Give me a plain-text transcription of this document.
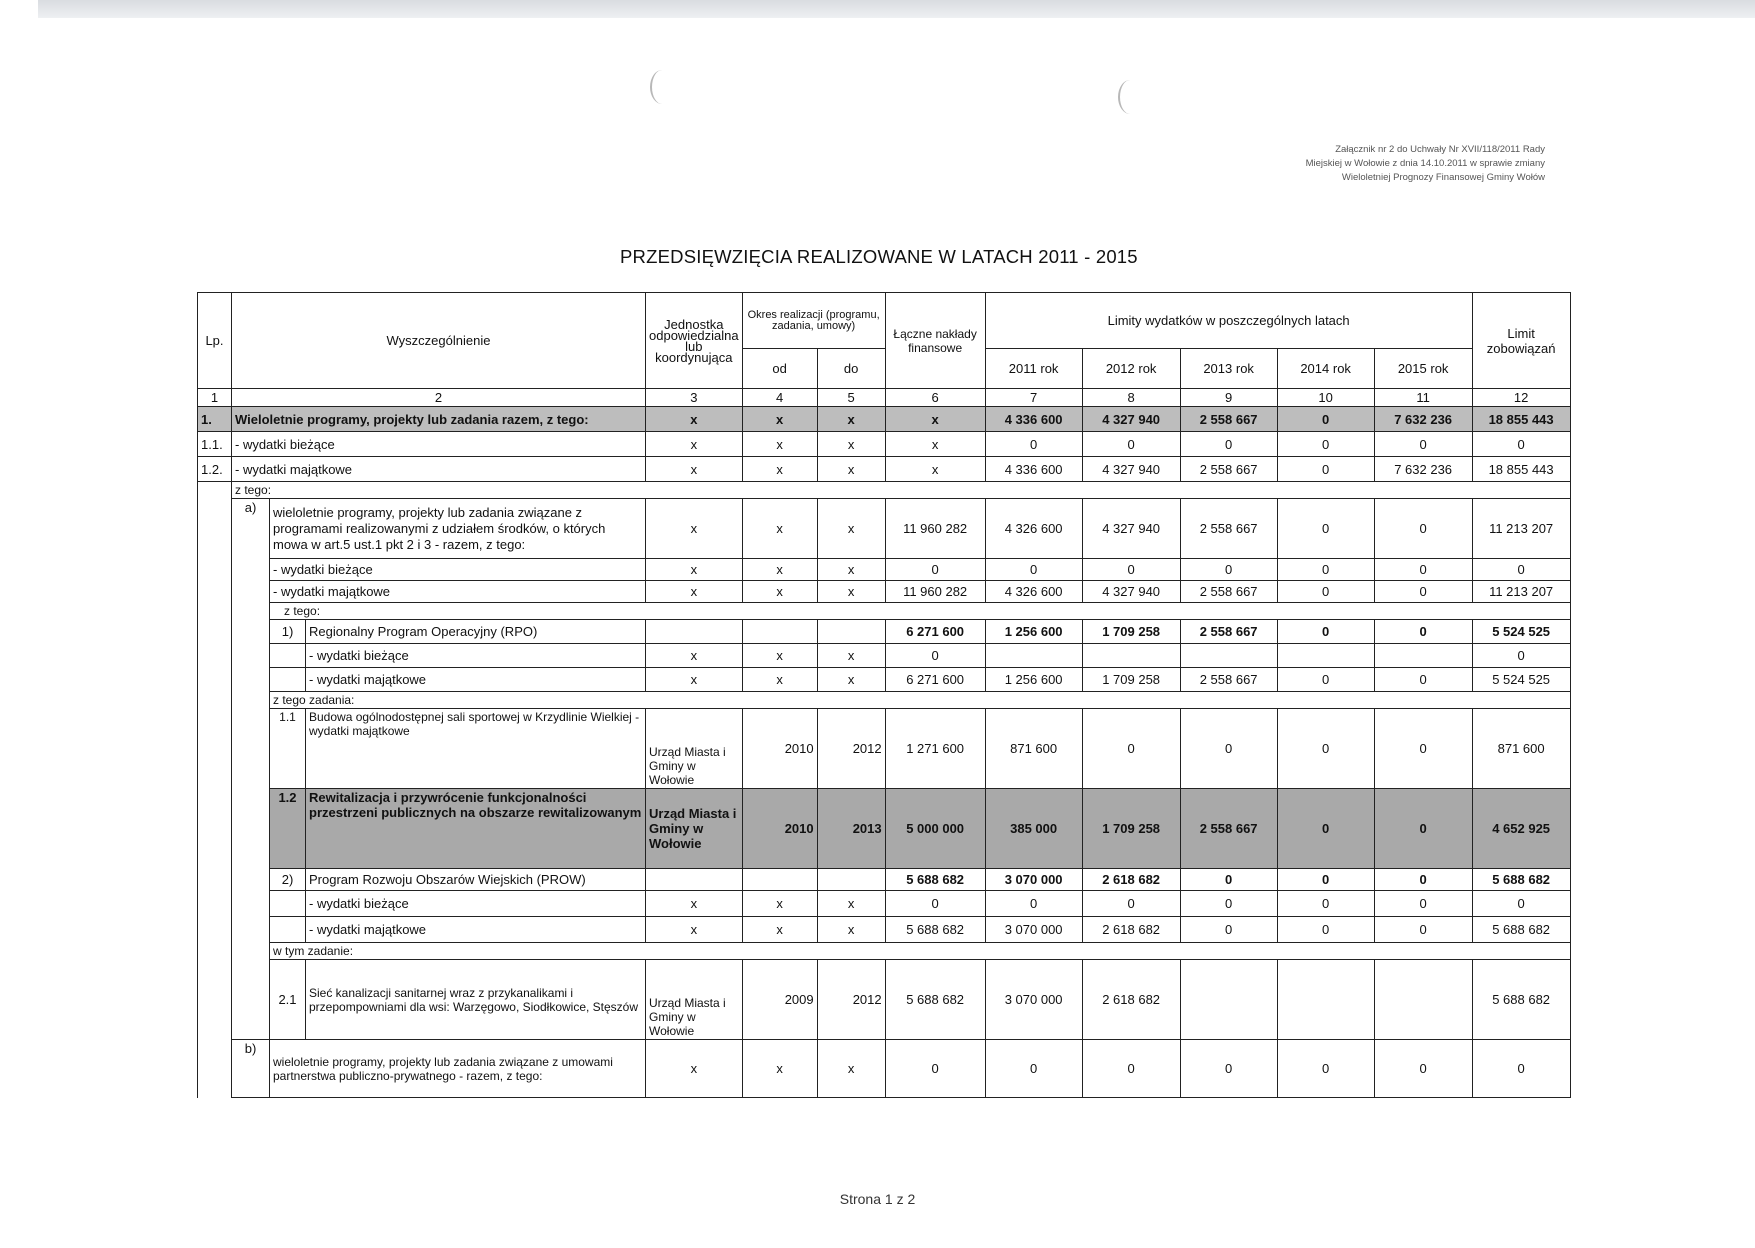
Załącznik nr 2 do Uchwały Nr XVII/118/2011 Rady
Miejskiej w Wołowie z dnia 14.10.2011 w sprawie zmiany
Wieloletniej Prognozy Finansowej Gminy Wołów
PRZEDSIĘWZIĘCIA REALIZOWANE W LATACH 2011 - 2015
Lp.	Wyszczególnienie			Jednostka odpowiedzialna lub koordynująca	Okres realizacji (programu, zadania, umowy)		Łączne nakłady finansowe	Limity wydatków w poszczególnych latach					Limit zobowiązań
					od	do		2011 rok	2012 rok	2013 rok	2014 rok	2015 rok	
1	2			3	4	5	6	7	8	9	10	11	12
1.	Wieloletnie programy, projekty lub zadania razem, z tego:			x	x	x	x	4 336 600	4 327 940	2 558 667	0	7 632 236	18 855 443
1.1.	- wydatki bieżące			x	x	x	x	0	0	0	0	0	0
1.2.	- wydatki majątkowe			x	x	x	x	4 336 600	4 327 940	2 558 667	0	7 632 236	18 855 443
	z tego:												
	a)	wieloletnie programy, projekty lub zadania związane z programami realizowanymi z udziałem środków, o których mowa w art.5 ust.1 pkt 2 i 3 - razem, z tego:		x	x	x	11 960 282	4 326 600	4 327 940	2 558 667	0	0	11 213 207
		- wydatki bieżące		x	x	x	0	0	0	0	0	0	0
		- wydatki majątkowe		x	x	x	11 960 282	4 326 600	4 327 940	2 558 667	0	0	11 213 207
		z tego:											
		1)	Regionalny Program Operacyjny (RPO)				6 271 600	1 256 600	1 709 258	2 558 667	0	0	5 524 525
			- wydatki bieżące	x	x	x	0						0
			- wydatki majątkowe	x	x	x	6 271 600	1 256 600	1 709 258	2 558 667	0	0	5 524 525
		z tego zadania:											
		1.1	Budowa ogólnodostępnej sali sportowej w Krzydlinie Wielkiej - wydatki majątkowe	Urząd Miasta i Gminy w Wołowie	2010	2012	1 271 600	871 600	0	0	0	0	871 600
		1.2	Rewitalizacja i przywrócenie funkcjonalności przestrzeni publicznych na obszarze rewitalizowanym	Urząd Miasta i Gminy w Wołowie	2010	2013	5 000 000	385 000	1 709 258	2 558 667	0	0	4 652 925
		2)	Program Rozwoju Obszarów Wiejskich (PROW)				5 688 682	3 070 000	2 618 682	0	0	0	5 688 682
			- wydatki bieżące	x	x	x	0	0	0	0	0	0	0
			- wydatki majątkowe	x	x	x	5 688 682	3 070 000	2 618 682	0	0	0	5 688 682
		w tym zadanie:											
		2.1	Sieć kanalizacji sanitarnej wraz z przykanalikami i przepompowniami dla wsi: Warzęgowo, Siodłkowice, Stęszów	Urząd Miasta i Gminy w Wołowie	2009	2012	5 688 682	3 070 000	2 618 682				5 688 682
	b)	wieloletnie programy, projekty lub zadania związane z umowami partnerstwa publiczno-prywatnego - razem, z tego:		x	x	x	0	0	0	0	0	0	0
Strona 1 z 2
